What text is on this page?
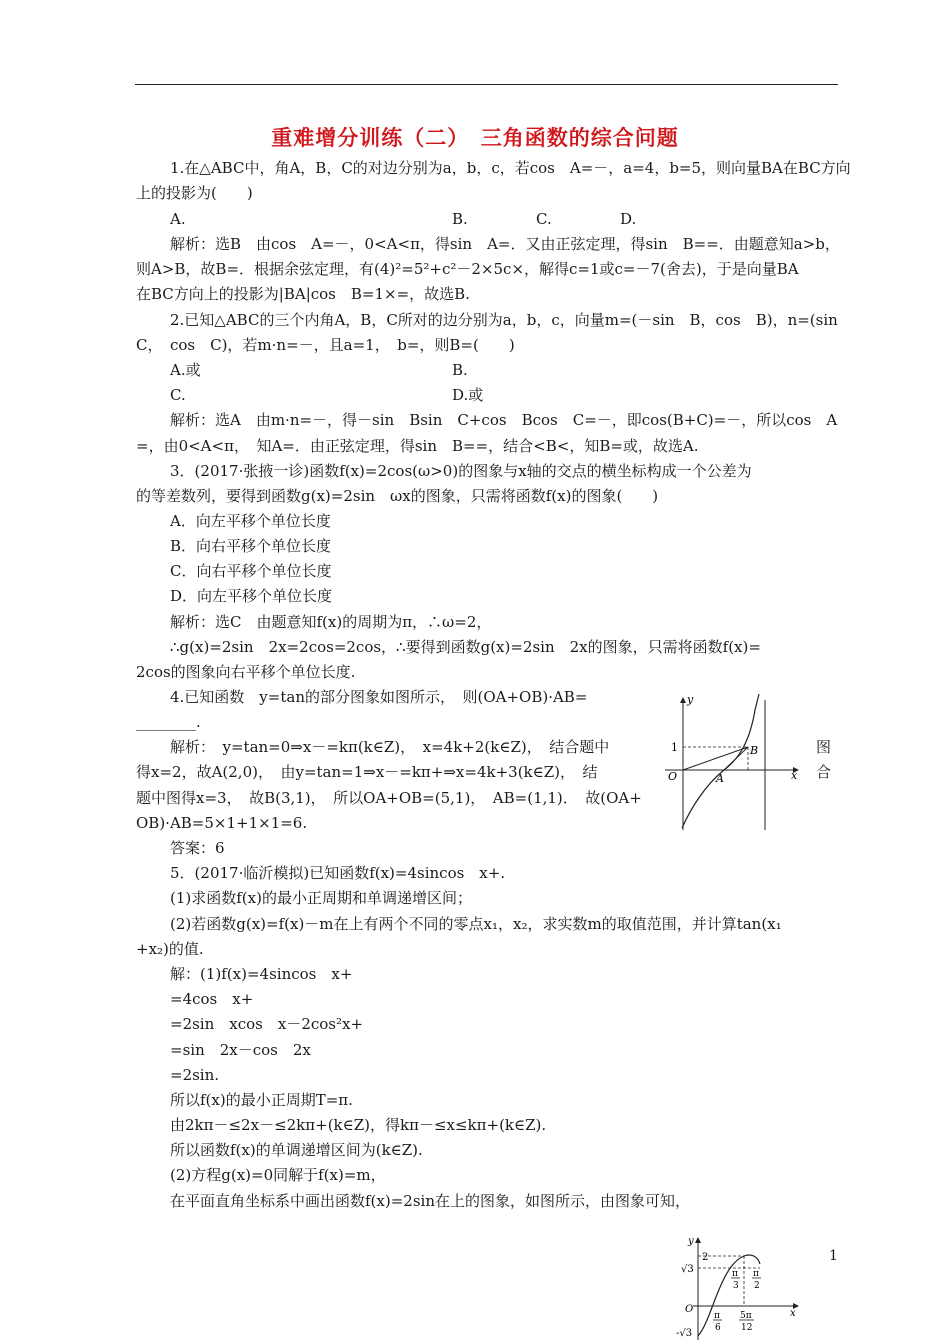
重难增分训练（二）　三角函数的综合问题
1.在△ABC中，角A，B，C的对边分别为a，b，c，若cos　A=－，a=4，b=5，则向量BA在BC方向
上的投影为(　　)
A.	B.	C.	D.
解析：选B　由cos　A=－，0<A<π，得sin　A=．又由正弦定理，得sin　B==．由题意知a>b，
则A>B，故B=．根据余弦定理，有(4)²=5²+c²－2×5c×，解得c=1或c=－7(舍去)，于是向量BA
在BC方向上的投影为|BA|cos　B=1×=，故选B.
2.已知△ABC的三个内角A，B，C所对的边分别为a，b，c，向量m=(－sin　B，cos　B)，n=(sin
C，　cos　C)，若m·n=－，且a=1，　b=，则B=(　　)
A.或	B.
C.	D.或
解析：选A　由m·n=－，得－sin　Bsin　C+cos　Bcos　C=－，即cos(B+C)=－，所以cos　A
=，由0<A<π，　知A=．由正弦定理，得sin　B==，结合<B<，知B=或，故选A.
3．(2017·张掖一诊)函数f(x)=2cos(ω>0)的图象与x轴的交点的横坐标构成一个公差为
的等差数列，要得到函数g(x)=2sin　ωx的图象，只需将函数f(x)的图象(　　)
A．向左平移个单位长度
B．向右平移个单位长度
C．向右平移个单位长度
D．向左平移个单位长度
解析：选C　由题意知f(x)的周期为π，∴ω=2，
∴g(x)=2sin　2x=2cos=2cos，∴要得到函数g(x)=2sin　2x的图象，只需将函数f(x)=
2cos的图象向右平移个单位长度.
4.已知函数　y=tan的部分图象如图所示，　则(OA+OB)·AB=
________.
解析：　y=tan=0⇒x－=kπ(k∈Z)，　x=4k+2(k∈Z)，　结合题中
得x=2，故A(2,0)，　由y=tan=1⇒x－=kπ+⇒x=4k+3(k∈Z)，　结
题中图得x=3，　故B(3,1)，　所以OA+OB=(5,1)，　AB=(1,1)．　故(OA+
OB)·AB=5×1+1×1=6.
答案：6
5．(2017·临沂模拟)已知函数f(x)=4sincos　x+.
(1)求函数f(x)的最小正周期和单调递增区间；
(2)若函数g(x)=f(x)－m在上有两个不同的零点x₁，x₂，求实数m的取值范围，并计算tan(x₁
+x₂)的值.
解：(1)f(x)=4sincos　x+
=4cos　x+
=2sin　xcos　x－2cos²x+
=sin　2x－cos　2x
=2sin.
所以f(x)的最小正周期T=π.
由2kπ－≤2x－≤2kπ+(k∈Z)，得kπ－≤x≤kπ+(k∈Z).
所以函数f(x)的单调递增区间为(k∈Z).
(2)方程g(x)=0同解于f(x)=m，
在平面直角坐标系中画出函数f(x)=2sin在上的图象，如图所示，由图象可知，
图
合
y
x
O
1
A
B
y
x
O
2
√3
-√3
π
3
π
2
π
6
5π
12
1
